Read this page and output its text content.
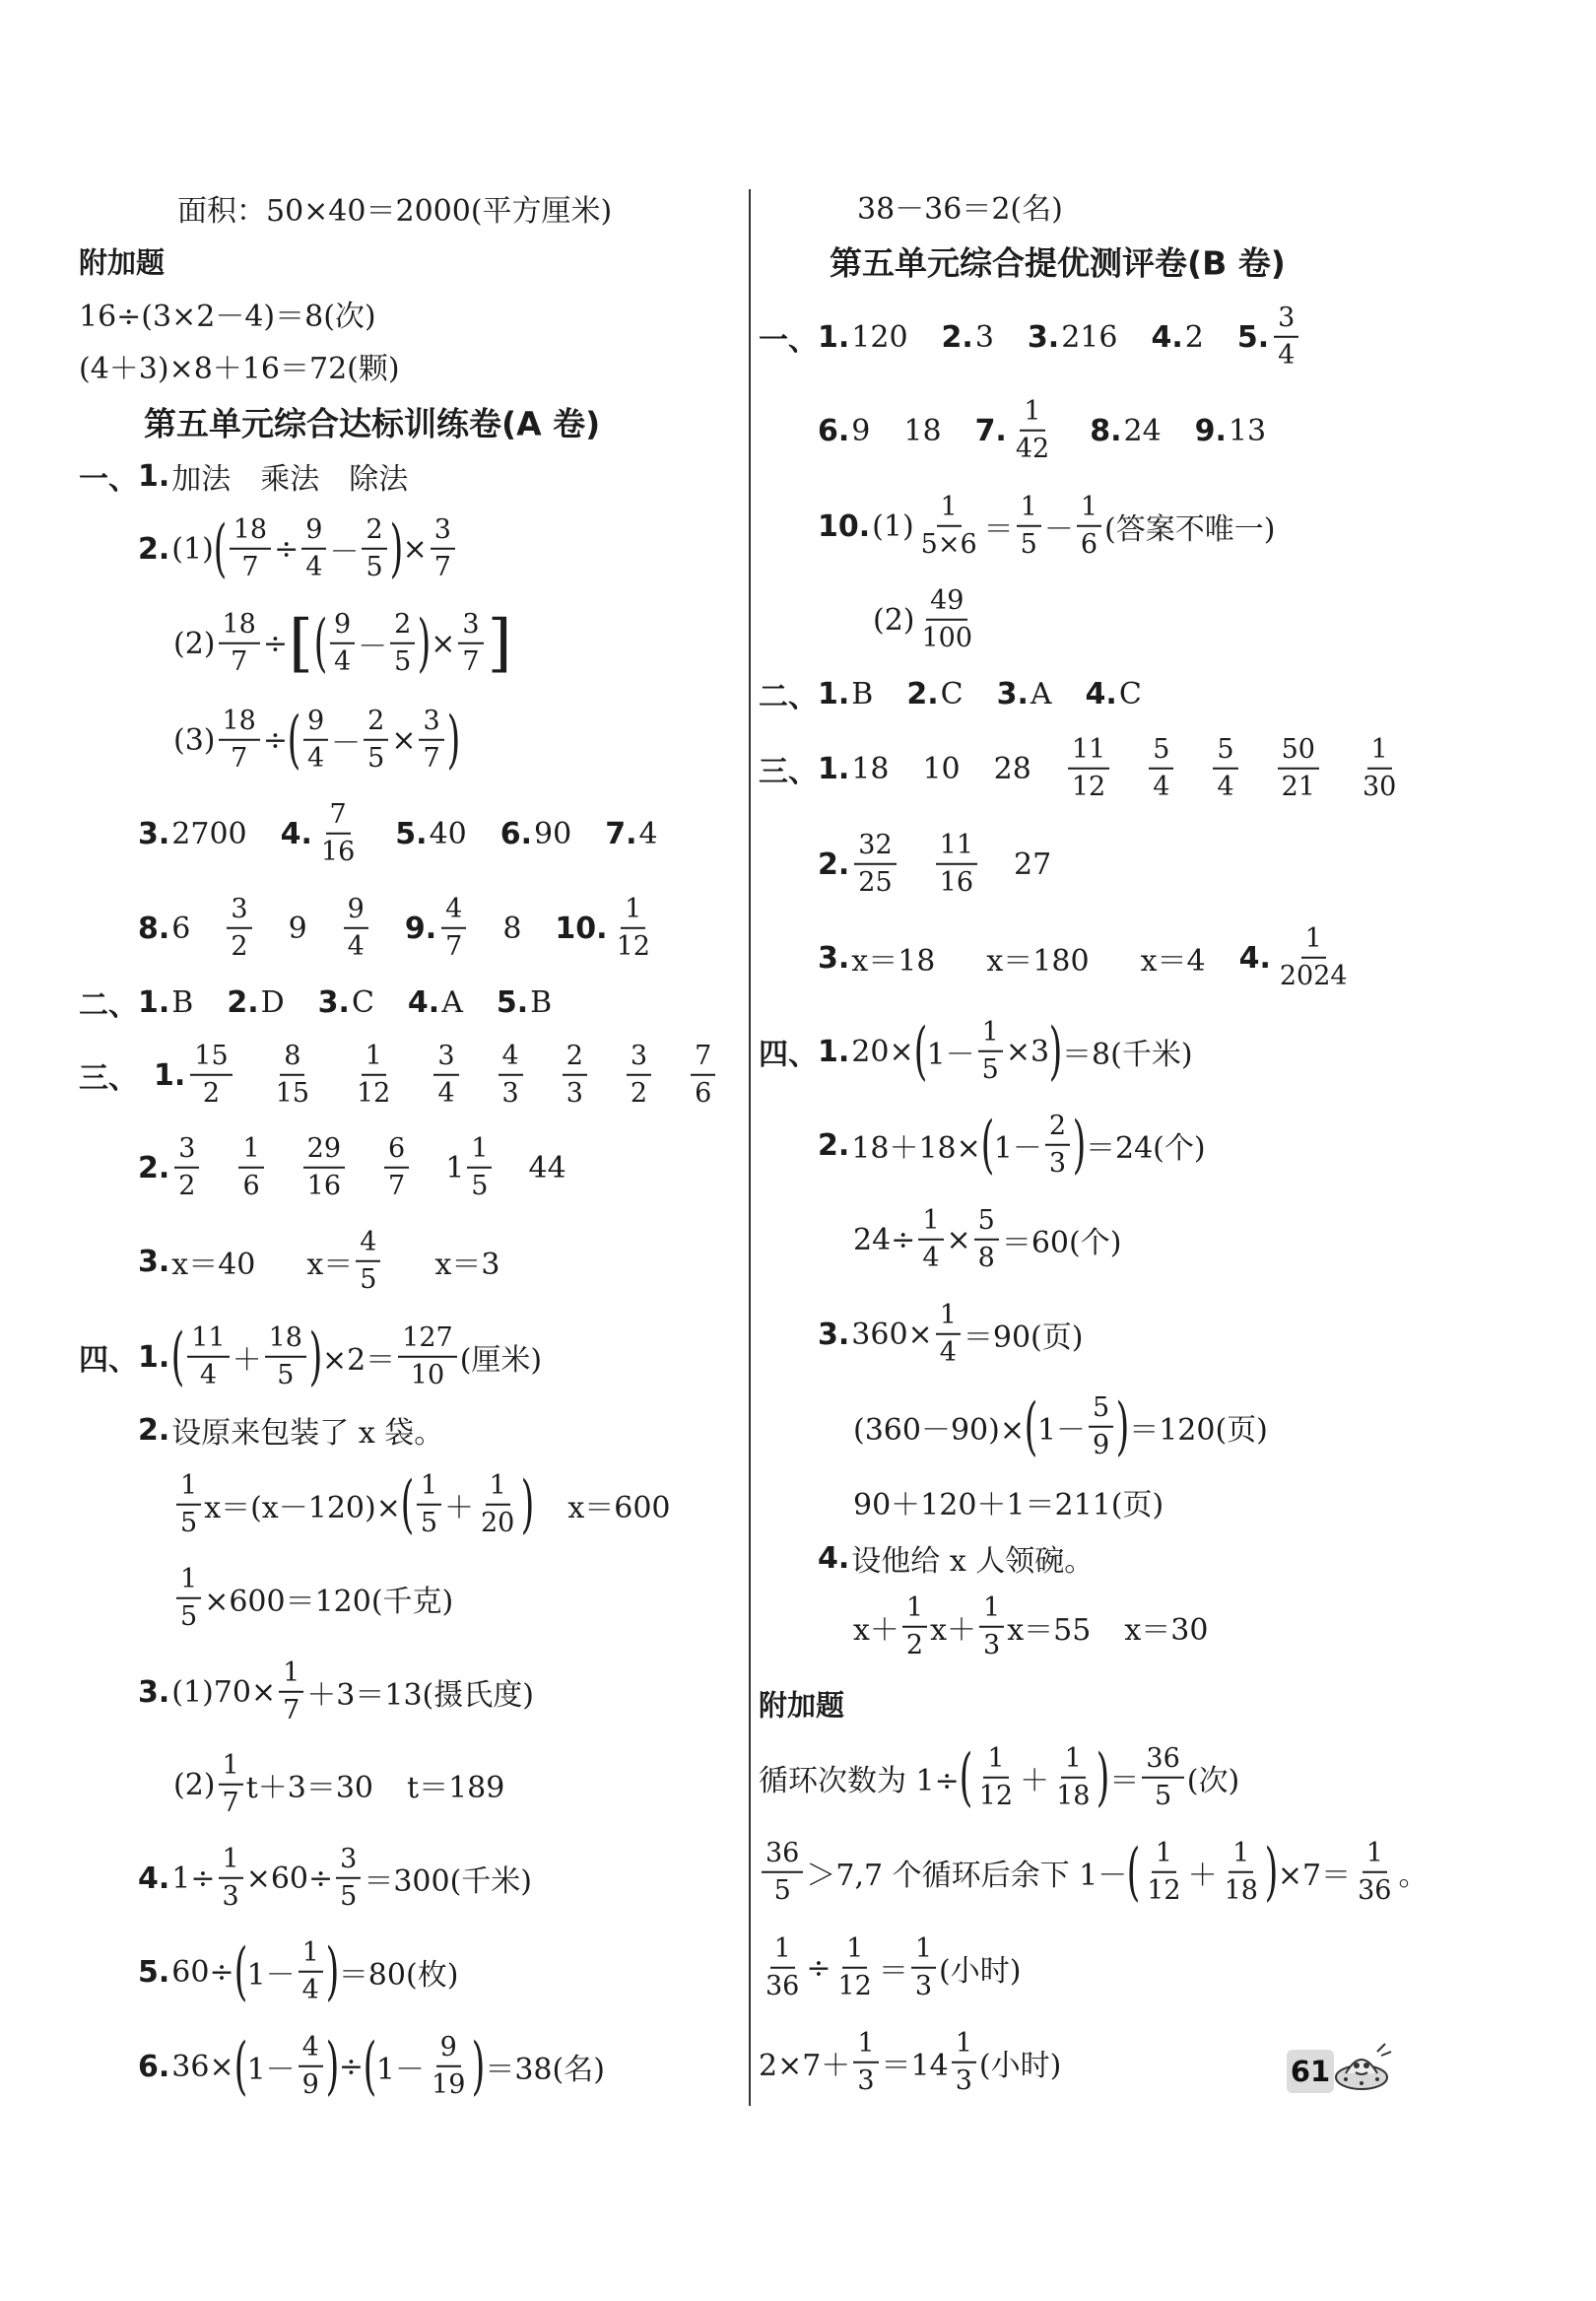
面积：50×40＝2000(平方厘米)
附加题
16÷(3×2－4)＝8(次)
(4＋3)×8＋16＝72(颗)
第五单元综合达标训练卷(A 卷)
一、 1. 加法　乘法　除法
2. (1) ( $\frac{18}{7} \div \frac{9}{4}$ －
2
5 ) × $\frac{3}{7}$
$(2) \frac{18}{7}$ ÷ [ ( 9
4 －
2
5 ) × $\frac{3}{7}$ ]
$(3) \frac{18}{7}$ ÷ ( 9
$4 - \frac{2}{5} \times \frac{3}{7}$ )
3. 2700 4.
7
16
5. 40 6. 90 7. 4
8. 6
3
2
9
9
4
9.
4
7
8 10.
1
12
二、 1. B 2. D 3. C 4. A 5. B
三、 1.
15
2
8
15
1
12
3
4
4
3
2
3
3
2
7
6
2.
3
2
1
6
29
16
6
7
1
1
5
44
3. x＝40 x＝
4
5 x＝3
四、 1. ( 11
4 ＋
18
5 ) ×2＝
127
10 (厘米)
2. 设原来包装了 x 袋。
1
5 x＝(x－120)× ( 1
5 ＋
1
20 ) x＝600
$\frac{1}{5} \times 600=120$(千克)
3. $(1)70\times \frac{1}{7} +3=13$(摄氏度)
(2)
1
7 t＋3＝30 t＝189
4. $1\div \frac{1}{3} \times 60\div \frac{3}{5} =300$(千米)
5. 60÷ ( 1－
1
4 ) ＝80(枚)
6. 36× ( 1－
4
9 ) ÷ ( 1－
9
19 ) ＝38(名)
38－36＝2(名)
第五单元综合提优测评卷(B 卷)
一、 1. 120 2. 3 3. 216 4. 2 5.
3
4
6. 9 18 7.
1
42
8. 24 9. 13
10. (1)
1
5×6 ＝
1
5 －
1
6 (答案不唯一)
(2)
49
100
二、 1. B 2. C 3. A 4. C
三、 1. 18 10 28
11
12
5
4
5
4
50
21
1
30
2.
32
25
11
16
27
3. x＝18 x＝180 x＝4 4.
1
2024
四、 1. 20× ( $1- \frac{1}{5} \times 3$ ) ＝8(千米)
2. 18＋18× ( 1－
2
3 ) ＝24(个)
$24\div \frac{1}{4} \times \frac{5}{8} =60$(个)
3. $360\times \frac{1}{4} =90$(页)
(360－90)× ( 1－
5
9 ) ＝120(页)
90＋120＋1＝211(页)
4. 设他给 x 人领碗。
x＋
1
2 x＋
1
3 x＝55 x＝30
附加题
循环次数为 1÷ ( 1
12 ＋
1
18 ) ＝
36
5 (次)
36
5 ＞7,7 个循环后余下 1－ ( 1
12 ＋
1
18 ) ×7＝
1
36 。
$\frac{1}{36} \div \frac{1}{12}$ ＝
1
3 (小时)
2×7＋
1
3 ＝14
1
3 (小时)	61
